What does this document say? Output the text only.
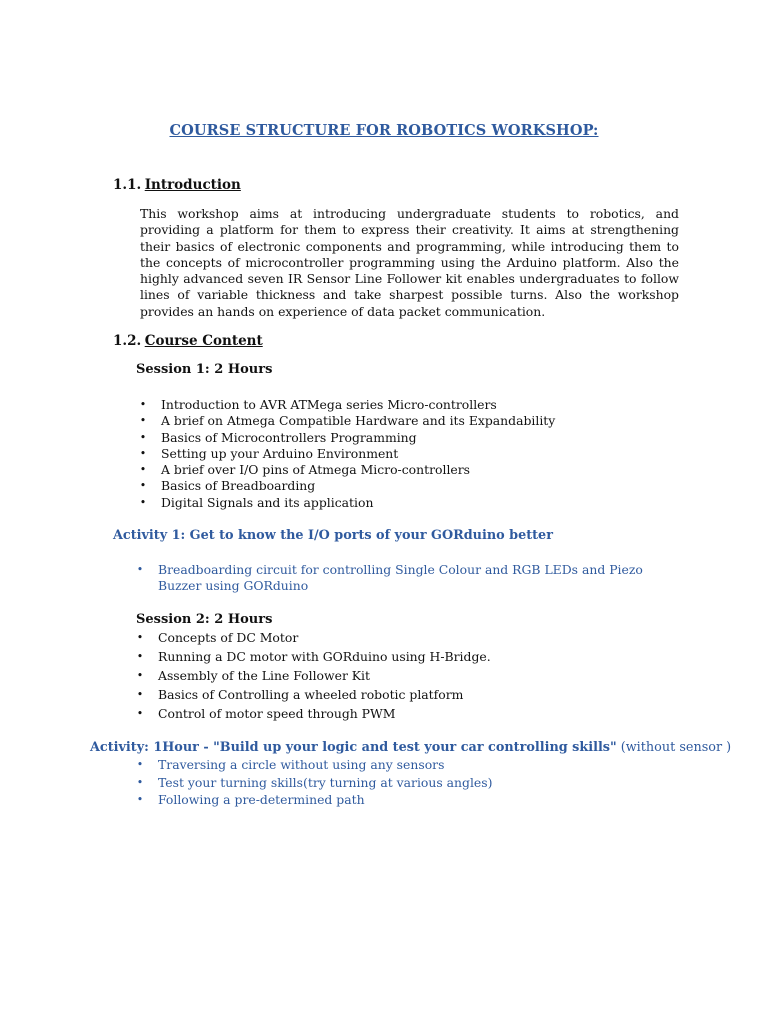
COURSE STRUCTURE FOR ROBOTICS WORKSHOP:
1.1. Introduction
This workshop aims at introducing undergraduate students to robotics, and providing a platform for them to express their creativity. It aims at strengthening their basics of electronic components and programming, while introducing them to the concepts of microcontroller programming using the Arduino platform. Also the highly advanced seven IR Sensor Line Follower kit enables undergraduates to follow lines of variable thickness and take sharpest possible turns. Also the workshop provides an hands on experience of data packet communication.
1.2. Course Content
Session 1: 2 Hours
• Introduction to AVR ATMega series Micro-controllers
• A brief on Atmega Compatible Hardware and its Expandability
• Basics of Microcontrollers Programming
• Setting up your Arduino Environment
• A brief over I/O pins of Atmega Micro-controllers
• Basics of Breadboarding
• Digital Signals and its application
Activity 1: Get to know the I/O ports of your GORduino better
• Breadboarding circuit for controlling Single Colour and RGB LEDs and Piezo Buzzer using GORduino
Session 2: 2 Hours
• Concepts of DC Motor
• Running a DC motor with GORduino using H-Bridge.
• Assembly of the Line Follower Kit
• Basics of Controlling a wheeled robotic platform
• Control of motor speed through PWM
Activity: 1Hour - "Build up your logic and test your car controlling skills" (without sensor )
• Traversing a circle without using any sensors
• Test your turning skills(try turning at various angles)
• Following a pre-determined path
